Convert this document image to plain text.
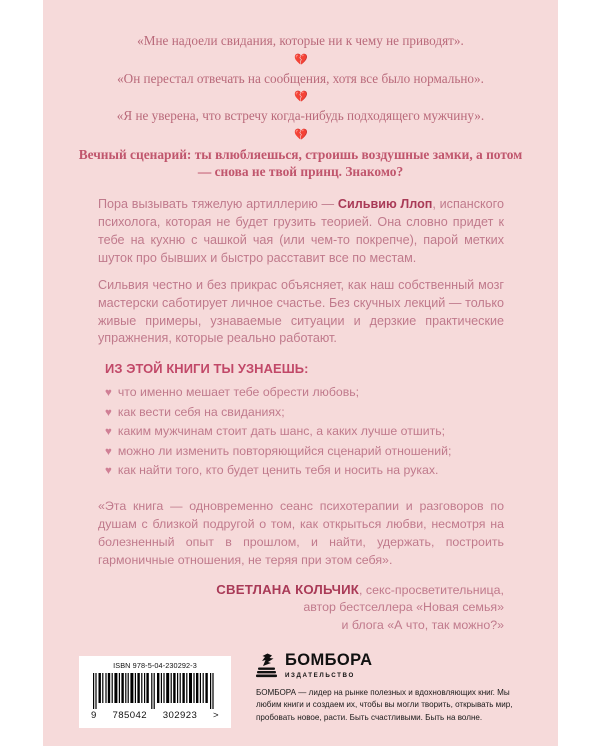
«Мне надоели свидания, которые ни к чему не приводят».
💔
«Он перестал отвечать на сообщения, хотя все было нормально».
💔
«Я не уверена, что встречу когда-нибудь подходящего мужчину».
💔
Вечный сценарий: ты влюбляешься, строишь воздушные замки, а потом — снова не твой принц. Знакомо?
Пора вызывать тяжелую артиллерию — Сильвию Ллоп, испанского психолога, которая не будет грузить теорией. Она словно придет к тебе на кухню с чашкой чая (или чем-то покрепче), парой метких шуток про бывших и быстро расставит все по местам.
Сильвия честно и без прикрас объясняет, как наш собственный мозг мастерски саботирует личное счастье. Без скучных лекций — только живые примеры, узнаваемые ситуации и дерзкие практические упражнения, которые реально работают.
ИЗ ЭТОЙ КНИГИ ТЫ УЗНАЕШЬ:
♥ что именно мешает тебе обрести любовь;
♥ как вести себя на свиданиях;
♥ каким мужчинам стоит дать шанс, а каких лучше отшить;
♥ можно ли изменить повторяющийся сценарий отношений;
♥ как найти того, кто будет ценить тебя и носить на руках.
«Эта книга — одновременно сеанс психотерапии и разговоров по душам с близкой подругой о том, как открыться любви, несмотря на болезненный опыт в прошлом, и найти, удержать, построить гармоничные отношения, не теряя при этом себя».
СВЕТЛАНА КОЛЬЧИК, секс-просветительница,
автор бестселлера «Новая семья»
и блога «А что, так можно?»
ISBN 978-5-04-230292-3
9 785042 302923 >
БОМБОРА
ИЗДАТЕЛЬСТВО
БОМБОРА — лидер на рынке полезных и вдохновляющих книг. Мы любим книги и создаем их, чтобы вы могли творить, открывать мир, пробовать новое, расти. Быть счастливыми. Быть на волне.
